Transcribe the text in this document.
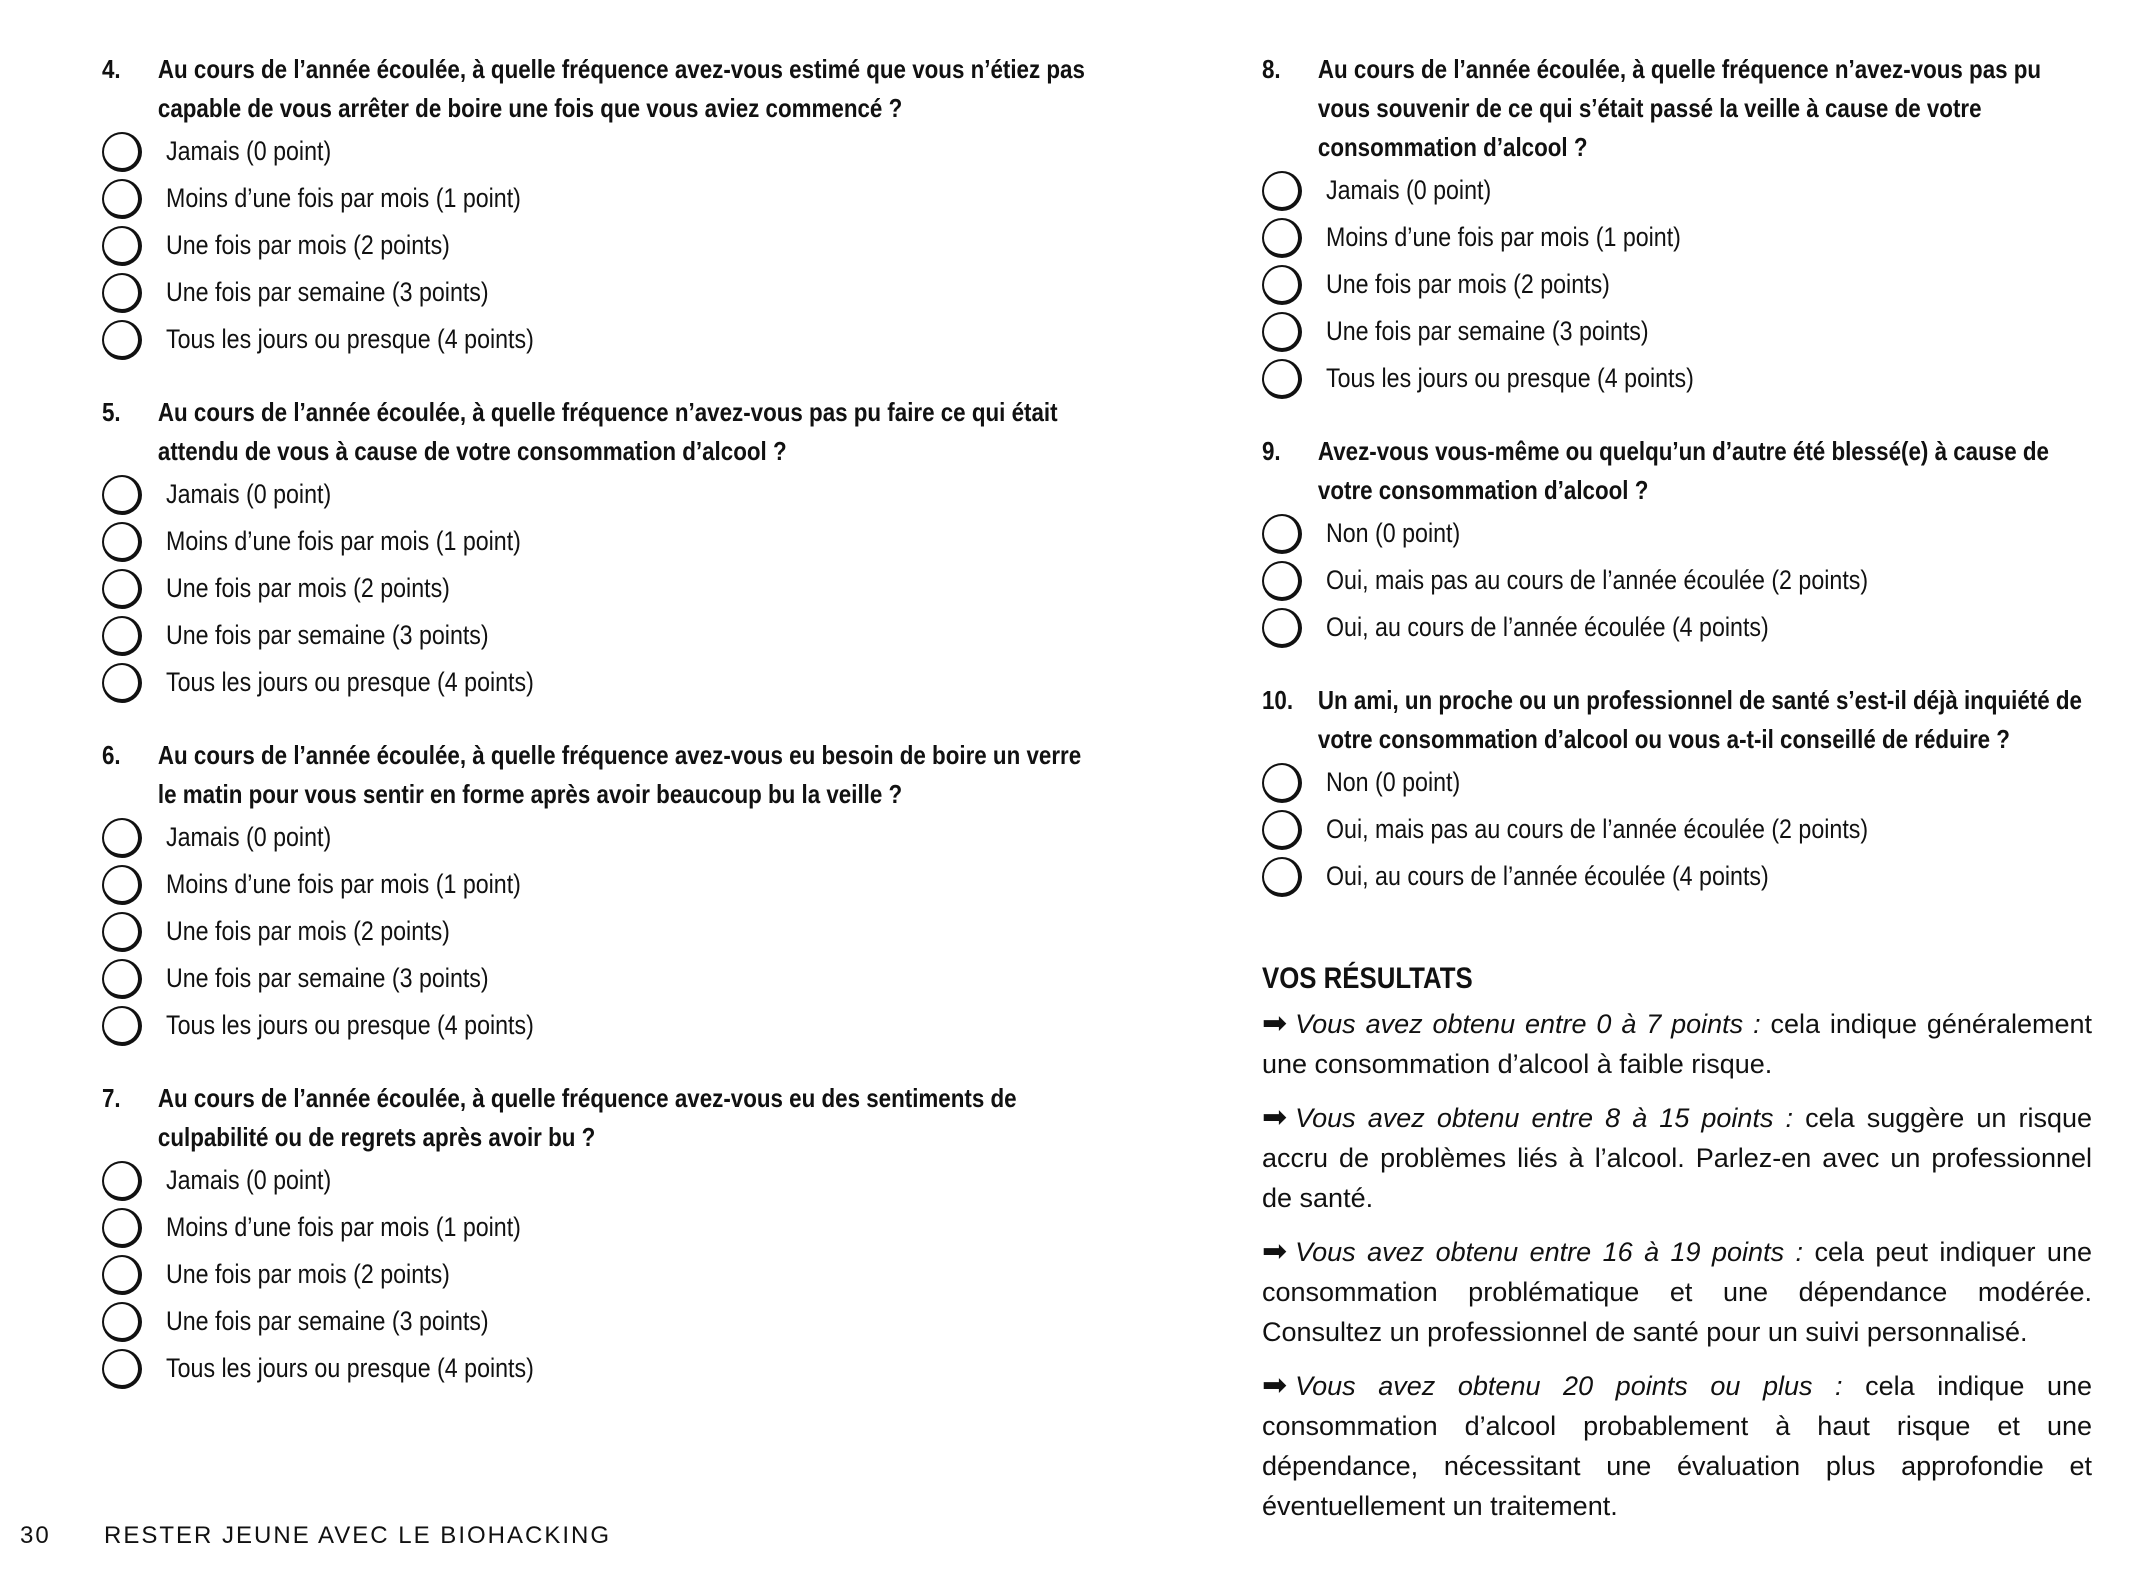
4.	Au cours de l’année écoulée, à quelle fréquence avez-vous estimé que vous n’étiez pas capable de vous arrêter de boire une fois que vous aviez commencé ?
Jamais (0 point)
Moins d’une fois par mois (1 point)
Une fois par mois (2 points)
Une fois par semaine (3 points)
Tous les jours ou presque (4 points)
5.	Au cours de l’année écoulée, à quelle fréquence n’avez-vous pas pu faire ce qui était attendu de vous à cause de votre consommation d’alcool ?
Jamais (0 point)
Moins d’une fois par mois (1 point)
Une fois par mois (2 points)
Une fois par semaine (3 points)
Tous les jours ou presque (4 points)
6.	Au cours de l’année écoulée, à quelle fréquence avez-vous eu besoin de boire un verre le matin pour vous sentir en forme après avoir beaucoup bu la veille ?
Jamais (0 point)
Moins d’une fois par mois (1 point)
Une fois par mois (2 points)
Une fois par semaine (3 points)
Tous les jours ou presque (4 points)
7.	Au cours de l’année écoulée, à quelle fréquence avez-vous eu des sentiments de culpabilité ou de regrets après avoir bu ?
Jamais (0 point)
Moins d’une fois par mois (1 point)
Une fois par mois (2 points)
Une fois par semaine (3 points)
Tous les jours ou presque (4 points)
8.	Au cours de l’année écoulée, à quelle fréquence n’avez-vous pas pu vous souvenir de ce qui s’était passé la veille à cause de votre consommation d’alcool ?
Jamais (0 point)
Moins d’une fois par mois (1 point)
Une fois par mois (2 points)
Une fois par semaine (3 points)
Tous les jours ou presque (4 points)
9.	Avez-vous vous-même ou quelqu’un d’autre été blessé(e) à cause de votre consommation d’alcool ?
Non (0 point)
Oui, mais pas au cours de l’année écoulée (2 points)
Oui, au cours de l’année écoulée (4 points)
10. Un ami, un proche ou un professionnel de santé s’est-il déjà inquiété de votre consommation d’alcool ou vous a-t-il conseillé de réduire ?
Non (0 point)
Oui, mais pas au cours de l’année écoulée (2 points)
Oui, au cours de l’année écoulée (4 points)
VOS RÉSULTATS
➡ Vous avez obtenu entre 0 à 7 points : cela indique généralement une consommation d’alcool à faible risque.
➡ Vous avez obtenu entre 8 à 15 points : cela suggère un risque accru de problèmes liés à l’alcool. Parlez-en avec un professionnel de santé.
➡ Vous avez obtenu entre 16 à 19 points : cela peut indiquer une consommation problématique et une dépendance modérée. Consultez un professionnel de santé pour un suivi personnalisé.
➡ Vous avez obtenu 20 points ou plus : cela indique une consommation d’alcool probablement à haut risque et une dépendance, nécessitant une évaluation plus approfondie et éventuellement un traitement.
30	RESTER JEUNE AVEC LE BIOHACKING
